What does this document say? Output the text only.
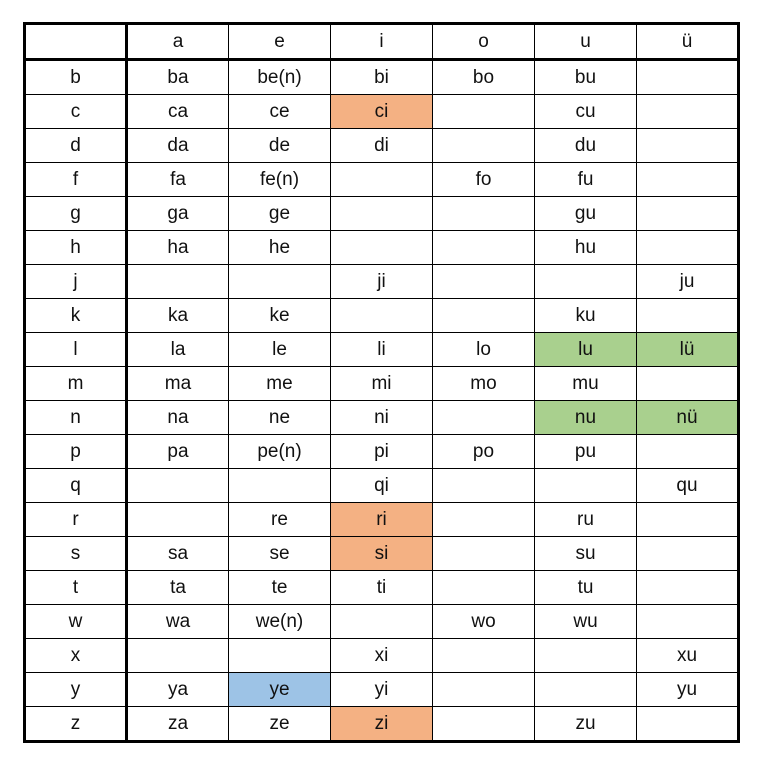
	a	e	i	o	u	ü
b	ba	be(n)	bi	bo	bu	
c	ca	ce	ci		cu	
d	da	de	di		du	
f	fa	fe(n)		fo	fu	
g	ga	ge			gu	
h	ha	he			hu	
j			ji			ju
k	ka	ke			ku	
l	la	le	li	lo	lu	lü
m	ma	me	mi	mo	mu	
n	na	ne	ni		nu	nü
p	pa	pe(n)	pi	po	pu	
q			qi			qu
r		re	ri		ru	
s	sa	se	si		su	
t	ta	te	ti		tu	
w	wa	we(n)		wo	wu	
x			xi			xu
y	ya	ye	yi			yu
z	za	ze	zi		zu	
